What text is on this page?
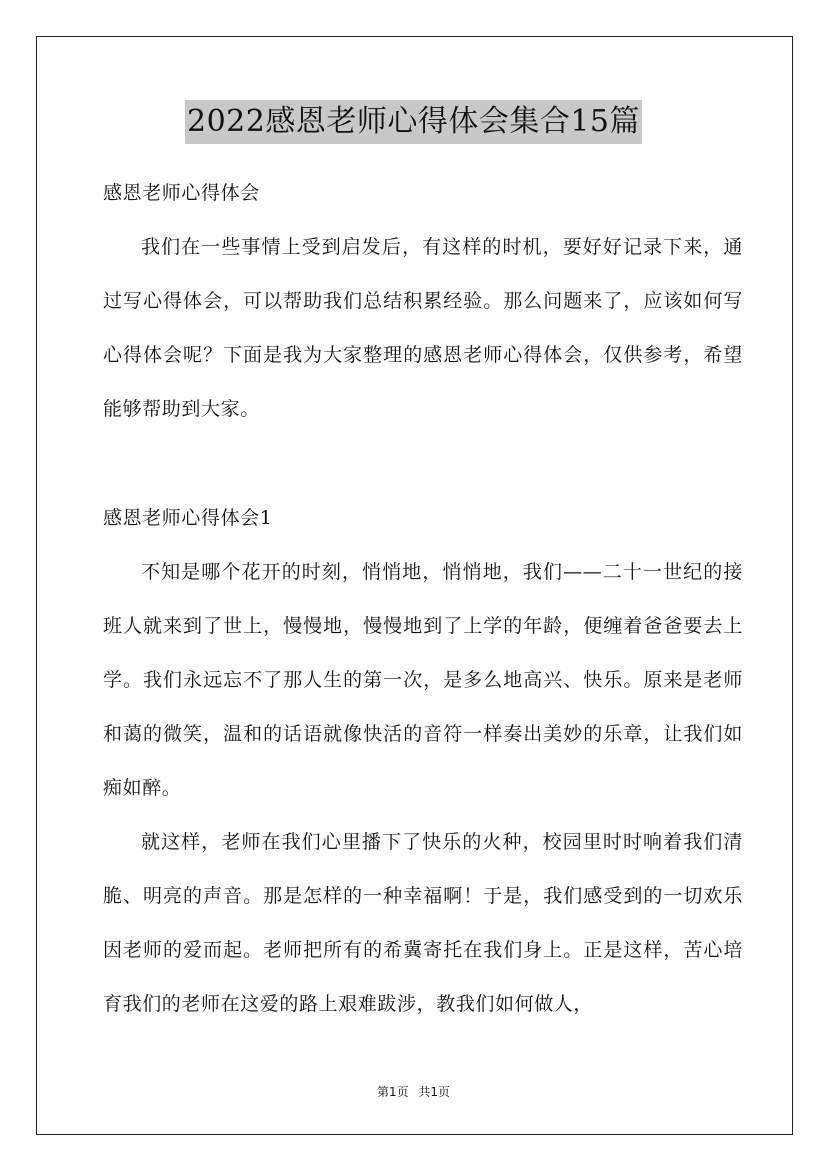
2022感恩老师心得体会集合15篇

感恩老师心得体会

我们在一些事情上受到启发后，有这样的时机，要好好记录下来，通过写心得体会，可以帮助我们总结积累经验。那么问题来了，应该如何写心得体会呢？下面是我为大家整理的感恩老师心得体会，仅供参考，希望能够帮助到大家。

感恩老师心得体会1

不知是哪个花开的时刻，悄悄地，悄悄地，我们——二十一世纪的接班人就来到了世上，慢慢地，慢慢地到了上学的年龄，便缠着爸爸要去上学。我们永远忘不了那人生的第一次，是多么地高兴、快乐。原来是老师和蔼的微笑，温和的话语就像快活的音符一样奏出美妙的乐章，让我们如痴如醉。

就这样，老师在我们心里播下了快乐的火种，校园里时时响着我们清脆、明亮的声音。那是怎样的一种幸福啊！于是，我们感受到的一切欢乐因老师的爱而起。老师把所有的希冀寄托在我们身上。正是这样，苦心培育我们的老师在这爱的路上艰难跋涉，教我们如何做人，

第1页 共1页
